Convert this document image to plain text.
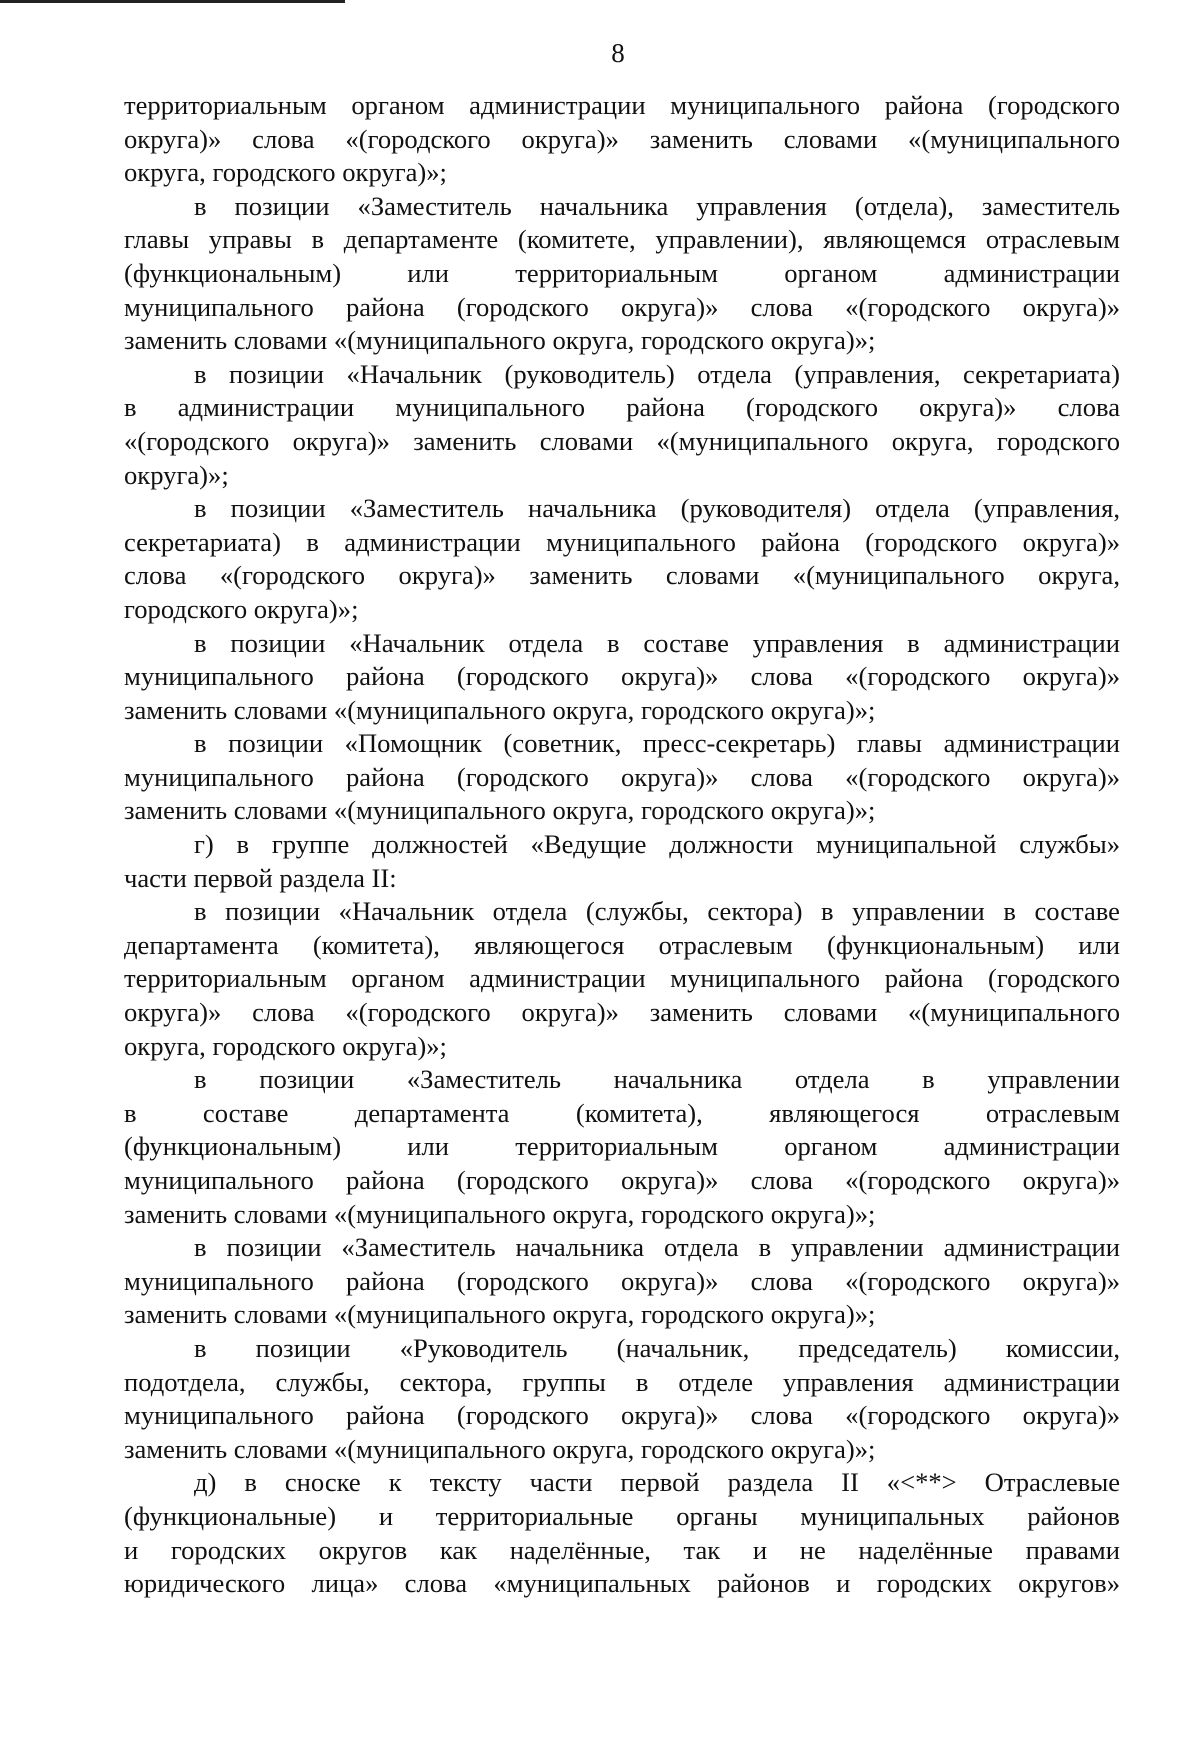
8
территориальным органом администрации муниципального района (городского
округа)» слова «(городского округа)» заменить словами «(муниципального
округа, городского округа)»;
в позиции «Заместитель начальника управления (отдела), заместитель
главы управы в департаменте (комитете, управлении), являющемся отраслевым
(функциональным) или территориальным органом администрации
муниципального района (городского округа)» слова «(городского округа)»
заменить словами «(муниципального округа, городского округа)»;
в позиции «Начальник (руководитель) отдела (управления, секретариата)
в администрации муниципального района (городского округа)» слова
«(городского округа)» заменить словами «(муниципального округа, городского
округа)»;
в позиции «Заместитель начальника (руководителя) отдела (управления,
секретариата) в администрации муниципального района (городского округа)»
слова «(городского округа)» заменить словами «(муниципального округа,
городского округа)»;
в позиции «Начальник отдела в составе управления в администрации
муниципального района (городского округа)» слова «(городского округа)»
заменить словами «(муниципального округа, городского округа)»;
в позиции «Помощник (советник, пресс-секретарь) главы администрации
муниципального района (городского округа)» слова «(городского округа)»
заменить словами «(муниципального округа, городского округа)»;
г) в группе должностей «Ведущие должности муниципальной службы»
части первой раздела II:
в позиции «Начальник отдела (службы, сектора) в управлении в составе
департамента (комитета), являющегося отраслевым (функциональным) или
территориальным органом администрации муниципального района (городского
округа)» слова «(городского округа)» заменить словами «(муниципального
округа, городского округа)»;
в позиции «Заместитель начальника отдела в управлении
в составе департамента (комитета), являющегося отраслевым
(функциональным) или территориальным органом администрации
муниципального района (городского округа)» слова «(городского округа)»
заменить словами «(муниципального округа, городского округа)»;
в позиции «Заместитель начальника отдела в управлении администрации
муниципального района (городского округа)» слова «(городского округа)»
заменить словами «(муниципального округа, городского округа)»;
в позиции «Руководитель (начальник, председатель) комиссии,
подотдела, службы, сектора, группы в отделе управления администрации
муниципального района (городского округа)» слова «(городского округа)»
заменить словами «(муниципального округа, городского округа)»;
д) в сноске к тексту части первой раздела II «<**> Отраслевые
(функциональные) и территориальные органы муниципальных районов
и городских округов как наделённые, так и не наделённые правами
юридического лица» слова «муниципальных районов и городских округов»
